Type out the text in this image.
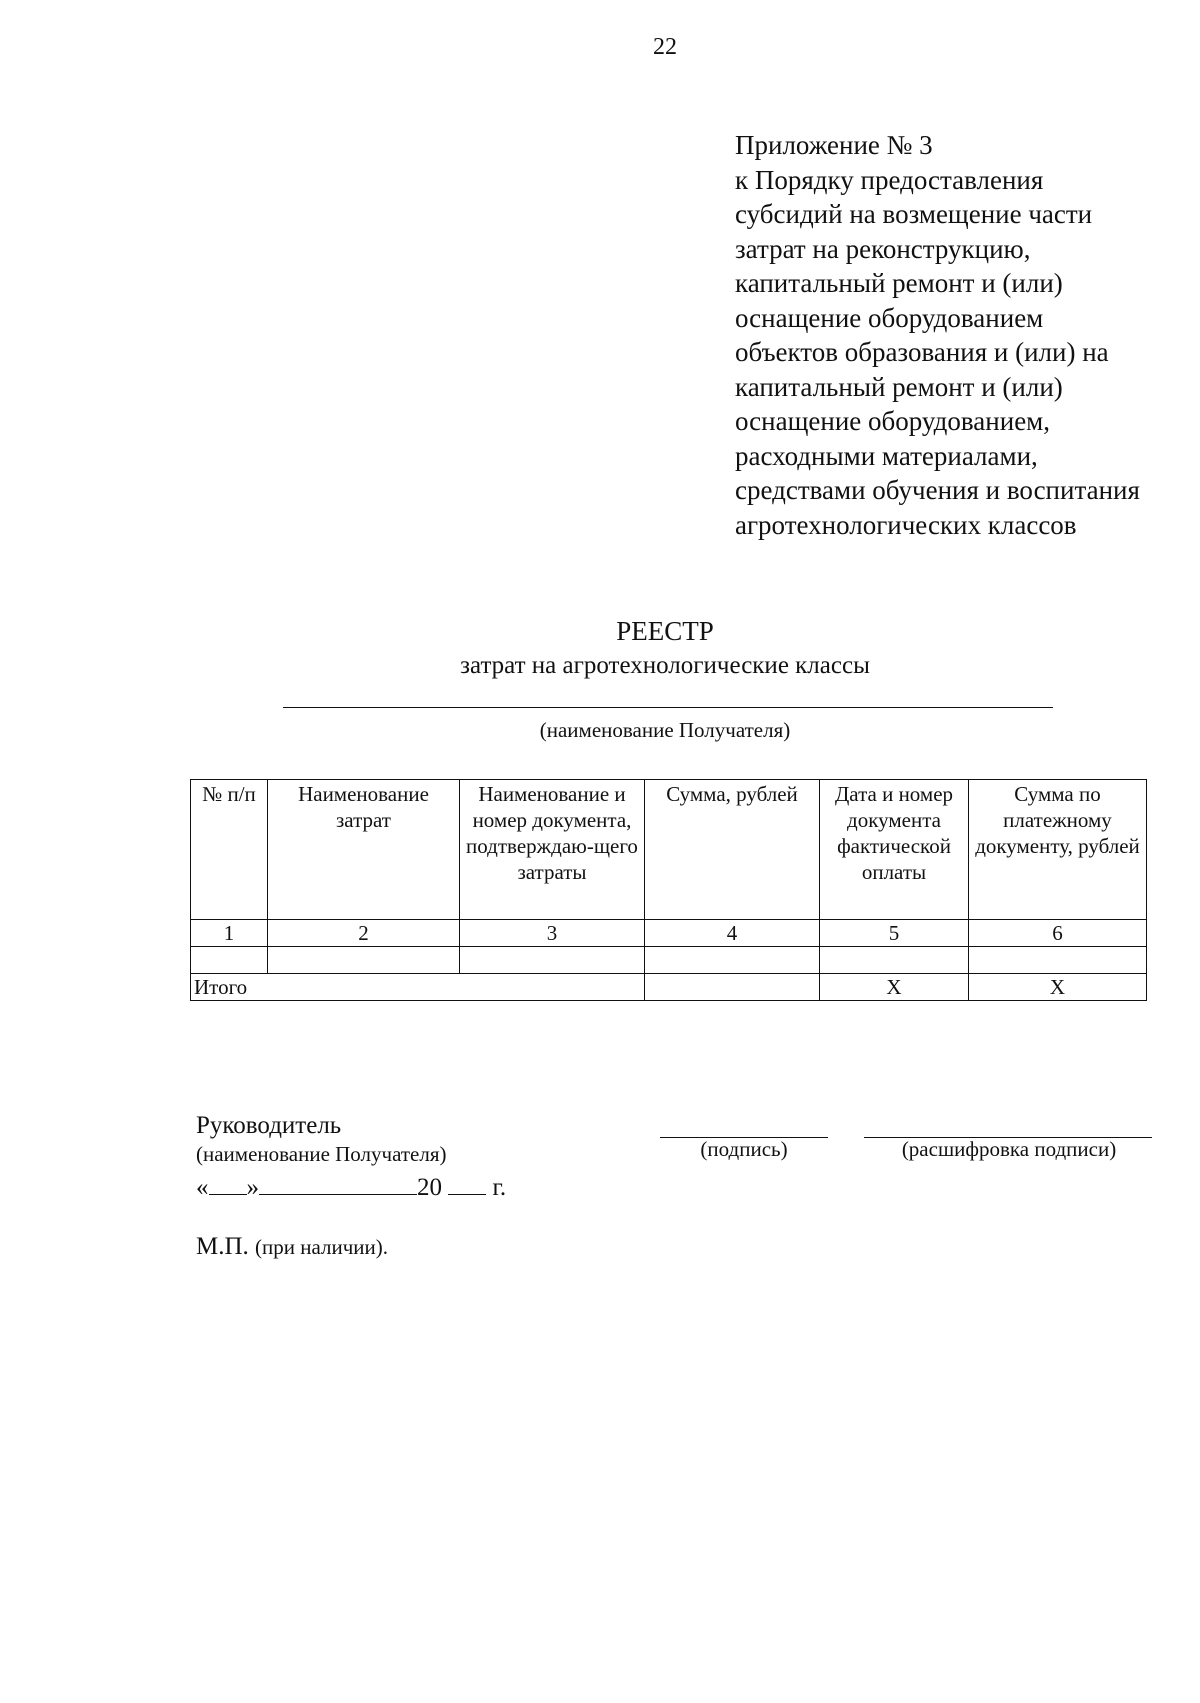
22
Приложение № 3
к Порядку предоставления
субсидий на возмещение части
затрат на реконструкцию,
капитальный ремонт и (или)
оснащение оборудованием
объектов образования и (или) на
капитальный ремонт и (или)
оснащение оборудованием,
расходными материалами,
средствами обучения и воспитания
агротехнологических классов
РЕЕСТР
затрат на агротехнологические классы
(наименование Получателя)
№ п/п	Наименование затрат	Наименование и номер документа, подтверждаю-щего затраты	Сумма, рублей	Дата и номер документа фактической оплаты	Сумма по платежному документу, рублей
1	2	3	4	5	6

Итого				Х	Х
Руководитель
(наименование Получателя)	(подпись)	(расшифровка подписи)
« »	20 г.
М.П. (при наличии).
